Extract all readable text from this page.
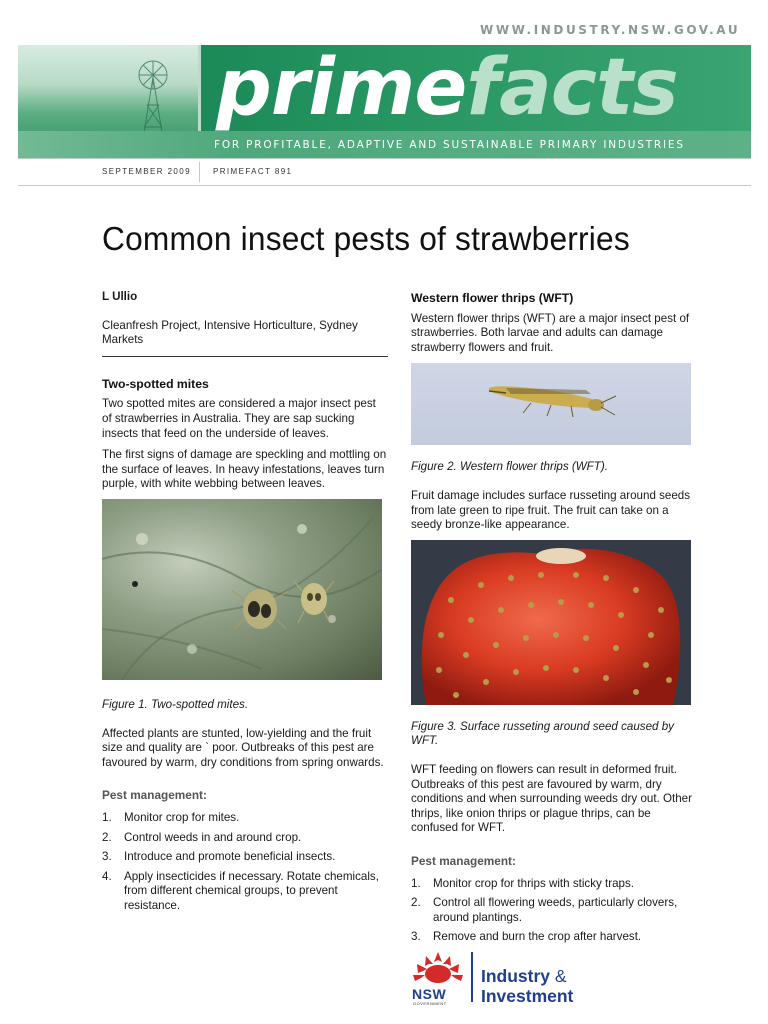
WWW.INDUSTRY.NSW.GOV.AU
primefacts
FOR PROFITABLE, ADAPTIVE AND SUSTAINABLE PRIMARY INDUSTRIES
SEPTEMBER 2009	PRIMEFACT 891
Common insect pests of strawberries
L Ullio
Cleanfresh Project, Intensive Horticulture, Sydney Markets
Two-spotted mites

Two spotted mites are considered a major insect pest of strawberries in Australia. They are sap sucking insects that feed on the underside of leaves.

The first signs of damage are speckling and mottling on the surface of leaves. In heavy infestations, leaves turn purple, with white webbing between leaves.

Figure 1. Two-spotted mites.

Affected plants are stunted, low-yielding and the fruit size and quality are ` poor. Outbreaks of this pest are favoured by warm, dry conditions from spring onwards.

Pest management:
1. Monitor crop for mites.
2. Control weeds in and around crop.
3. Introduce and promote beneficial insects.
4. Apply insecticides if necessary. Rotate chemicals, from different chemical groups, to prevent resistance.
Western flower thrips (WFT)

Western flower thrips (WFT) are a major insect pest of strawberries. Both larvae and adults can damage strawberry flowers and fruit.

Figure 2. Western flower thrips (WFT).

Fruit damage includes surface russeting around seeds from late green to ripe fruit. The fruit can take on a seedy bronze-like appearance.

Figure 3. Surface russeting around seed caused by WFT.

WFT feeding on flowers can result in deformed fruit. Outbreaks of this pest are favoured by warm, dry conditions and when surrounding weeds dry out. Other thrips, like onion thrips or plague thrips, can be confused for WFT.

Pest management:
1. Monitor crop for thrips with sticky traps.
2. Control all flowering weeds, particularly clovers, around plantings.
3. Remove and burn the crop after harvest.
NSW
GOVERNMENT
Industry &
Investment
